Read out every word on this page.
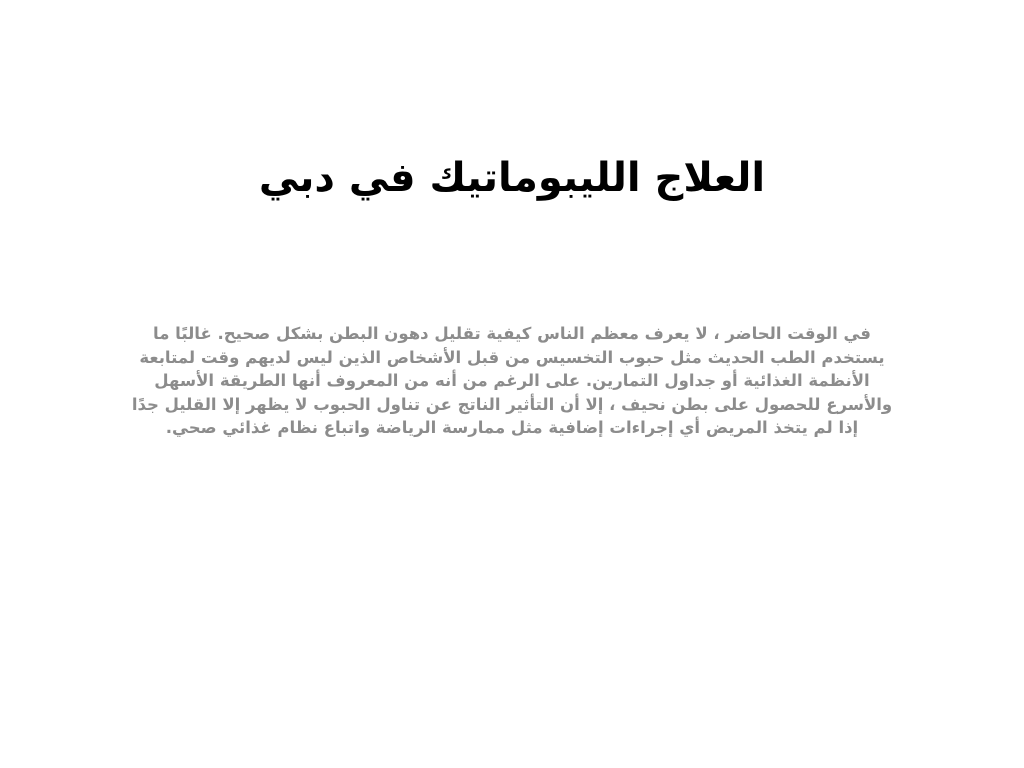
العلاج الليبوماتيك في دبي

في الوقت الحاضر ، لا يعرف معظم الناس كيفية تقليل دهون البطن بشكل صحيح. غالبًا ما يستخدم الطب الحديث مثل حبوب التخسيس من قبل الأشخاص الذين ليس لديهم وقت لمتابعة الأنظمة الغذائية أو جداول التمارين. على الرغم من أنه من المعروف أنها الطريقة الأسهل والأسرع للحصول على بطن نحيف ، إلا أن التأثير الناتج عن تناول الحبوب لا يظهر إلا القليل جدًا إذا لم يتخذ المريض أي إجراءات إضافية مثل ممارسة الرياضة واتباع نظام غذائي صحي.
